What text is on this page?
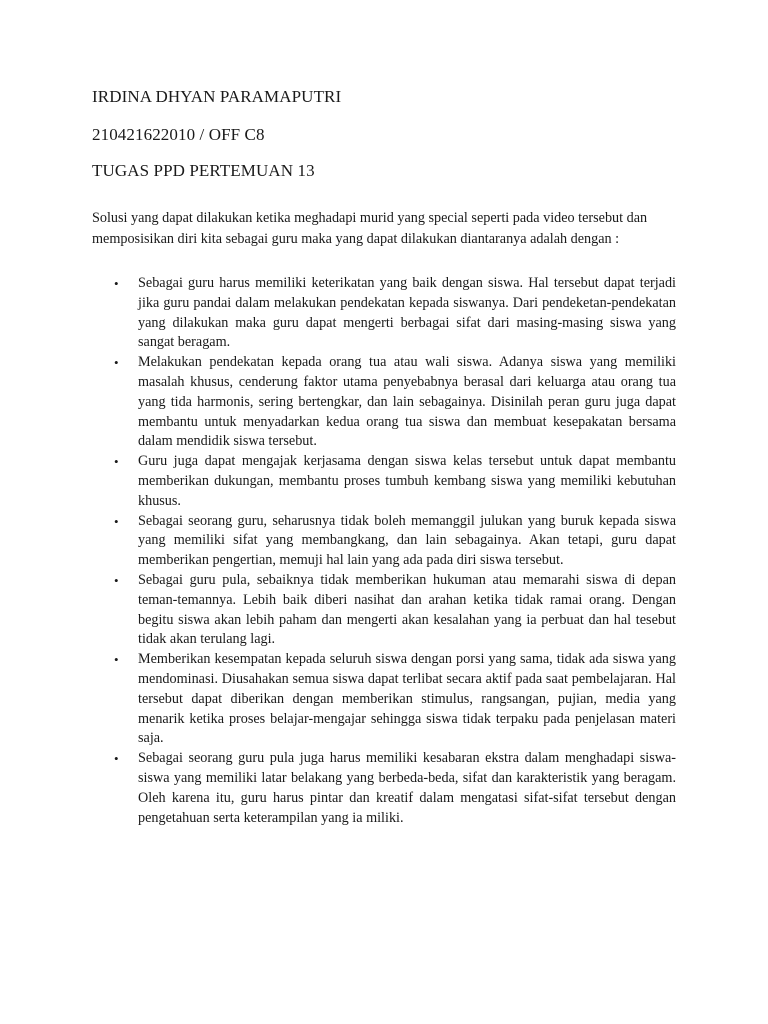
IRDINA DHYAN PARAMAPUTRI
210421622010 / OFF C8
TUGAS PPD PERTEMUAN 13

Solusi yang dapat dilakukan ketika meghadapi murid yang special seperti pada video tersebut dan memposisikan diri kita sebagai guru maka yang dapat dilakukan diantaranya adalah dengan :

• Sebagai guru harus memiliki keterikatan yang baik dengan siswa. Hal tersebut dapat terjadi jika guru pandai dalam melakukan pendekatan kepada siswanya. Dari pendeketan-pendekatan yang dilakukan maka guru dapat mengerti berbagai sifat dari masing-masing siswa yang sangat beragam.
• Melakukan pendekatan kepada orang tua atau wali siswa. Adanya siswa yang memiliki masalah khusus, cenderung faktor utama penyebabnya berasal dari keluarga atau orang tua yang tida harmonis, sering bertengkar, dan lain sebagainya. Disinilah peran guru juga dapat membantu untuk menyadarkan kedua orang tua siswa dan membuat kesepakatan bersama dalam mendidik siswa tersebut.
• Guru juga dapat mengajak kerjasama dengan siswa kelas tersebut untuk dapat membantu memberikan dukungan, membantu proses tumbuh kembang siswa yang memiliki kebutuhan khusus.
• Sebagai seorang guru, seharusnya tidak boleh memanggil julukan yang buruk kepada siswa yang memiliki sifat yang membangkang, dan lain sebagainya. Akan tetapi, guru dapat memberikan pengertian, memuji hal lain yang ada pada diri siswa tersebut.
• Sebagai guru pula, sebaiknya tidak memberikan hukuman atau memarahi siswa di depan teman-temannya. Lebih baik diberi nasihat dan arahan ketika tidak ramai orang. Dengan begitu siswa akan lebih paham dan mengerti akan kesalahan yang ia perbuat dan hal tesebut tidak akan terulang lagi.
• Memberikan kesempatan kepada seluruh siswa dengan porsi yang sama, tidak ada siswa yang mendominasi. Diusahakan semua siswa dapat terlibat secara aktif pada saat pembelajaran. Hal tersebut dapat diberikan dengan memberikan stimulus, rangsangan, pujian, media yang menarik ketika proses belajar-mengajar sehingga siswa tidak terpaku pada penjelasan materi saja.
• Sebagai seorang guru pula juga harus memiliki kesabaran ekstra dalam menghadapi siswa-siswa yang memiliki latar belakang yang berbeda-beda, sifat dan karakteristik yang beragam. Oleh karena itu, guru harus pintar dan kreatif dalam mengatasi sifat-sifat tersebut dengan pengetahuan serta keterampilan yang ia miliki.
